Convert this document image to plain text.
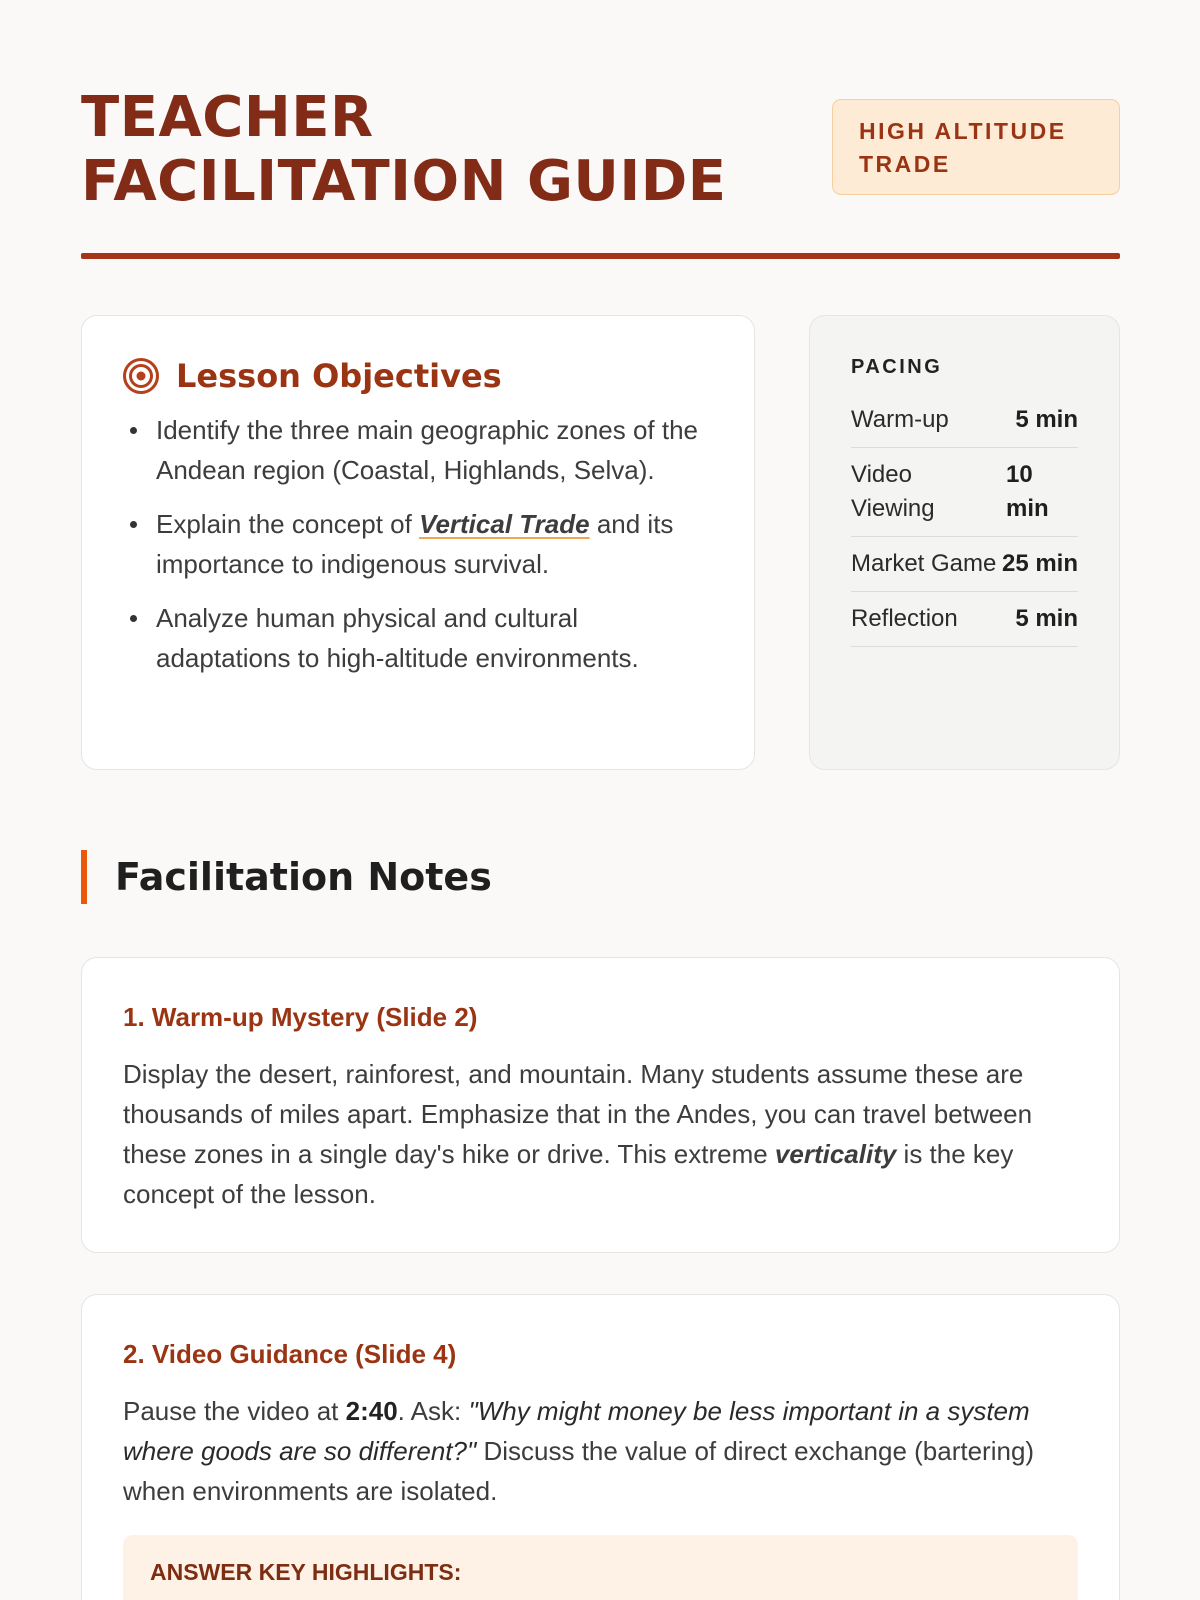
TEACHER
FACILITATION GUIDE
HIGH ALTITUDE
TRADE
Lesson Objectives
Identify the three main geographic zones of the Andean region (Coastal, Highlands, Selva).
Explain the concept of Vertical Trade and its importance to indigenous survival.
Analyze human physical and cultural adaptations to high-altitude environments.
PACING
Warm-up	5 min
Video Viewing
10 min
Market Game 25 min
Reflection	5 min
Facilitation Notes
1. Warm-up Mystery (Slide 2)

Display the desert, rainforest, and mountain. Many students assume these are thousands of miles apart. Emphasize that in the Andes, you can travel between these zones in a single day's hike or drive. This extreme verticality is the key concept of the lesson.

2. Video Guidance (Slide 4)

Pause the video at 2:40. Ask: "Why might money be less important in a system where goods are so different?" Discuss the value of direct exchange (bartering) when environments are isolated.

ANSWER KEY HIGHLIGHTS:
